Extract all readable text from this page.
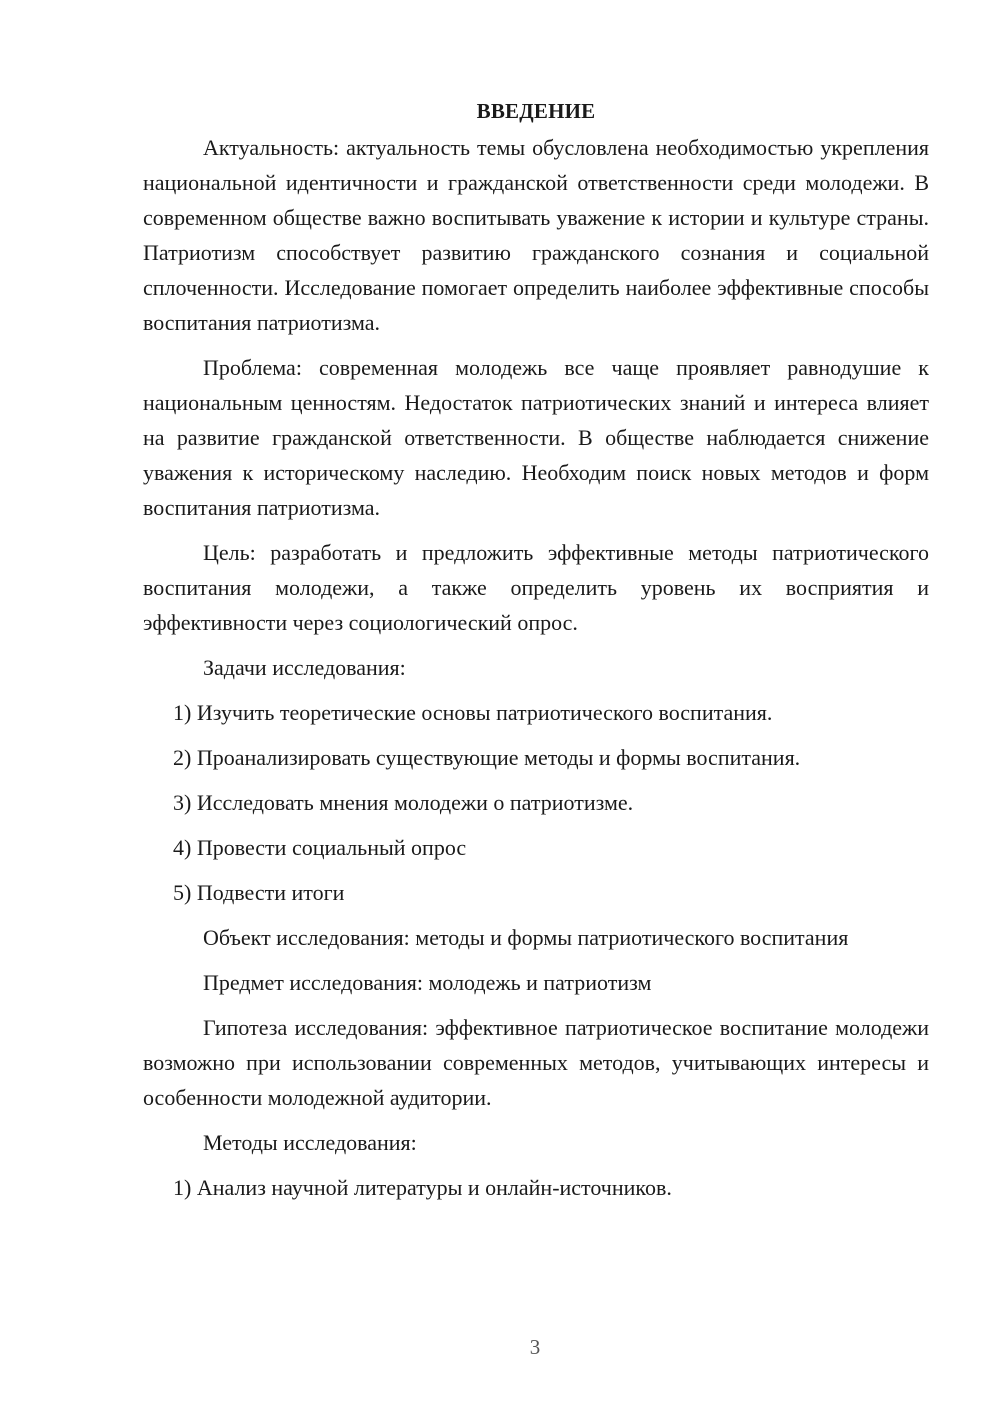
ВВЕДЕНИЕ

Актуальность: актуальность темы обусловлена необходимостью укрепления национальной идентичности и гражданской ответственности среди молодежи. В современном обществе важно воспитывать уважение к истории и культуре страны. Патриотизм способствует развитию гражданского сознания и социальной сплоченности. Исследование помогает определить наиболее эффективные способы воспитания патриотизма.

Проблема: современная молодежь все чаще проявляет равнодушие к национальным ценностям. Недостаток патриотических знаний и интереса влияет на развитие гражданской ответственности. В обществе наблюдается снижение уважения к историческому наследию. Необходим поиск новых методов и форм воспитания патриотизма.

Цель: разработать и предложить эффективные методы патриотического воспитания молодежи, а также определить уровень их восприятия и эффективности через социологический опрос.

Задачи исследования:

1) Изучить теоретические основы патриотического воспитания.

2) Проанализировать существующие методы и формы воспитания.

3) Исследовать мнения молодежи о патриотизме.

4) Провести социальный опрос

5) Подвести итоги

Объект исследования: методы и формы патриотического воспитания

Предмет исследования: молодежь и патриотизм

Гипотеза исследования: эффективное патриотическое воспитание молодежи возможно при использовании современных методов, учитывающих интересы и особенности молодежной аудитории.

Методы исследования:

1) Анализ научной литературы и онлайн-источников.

3
